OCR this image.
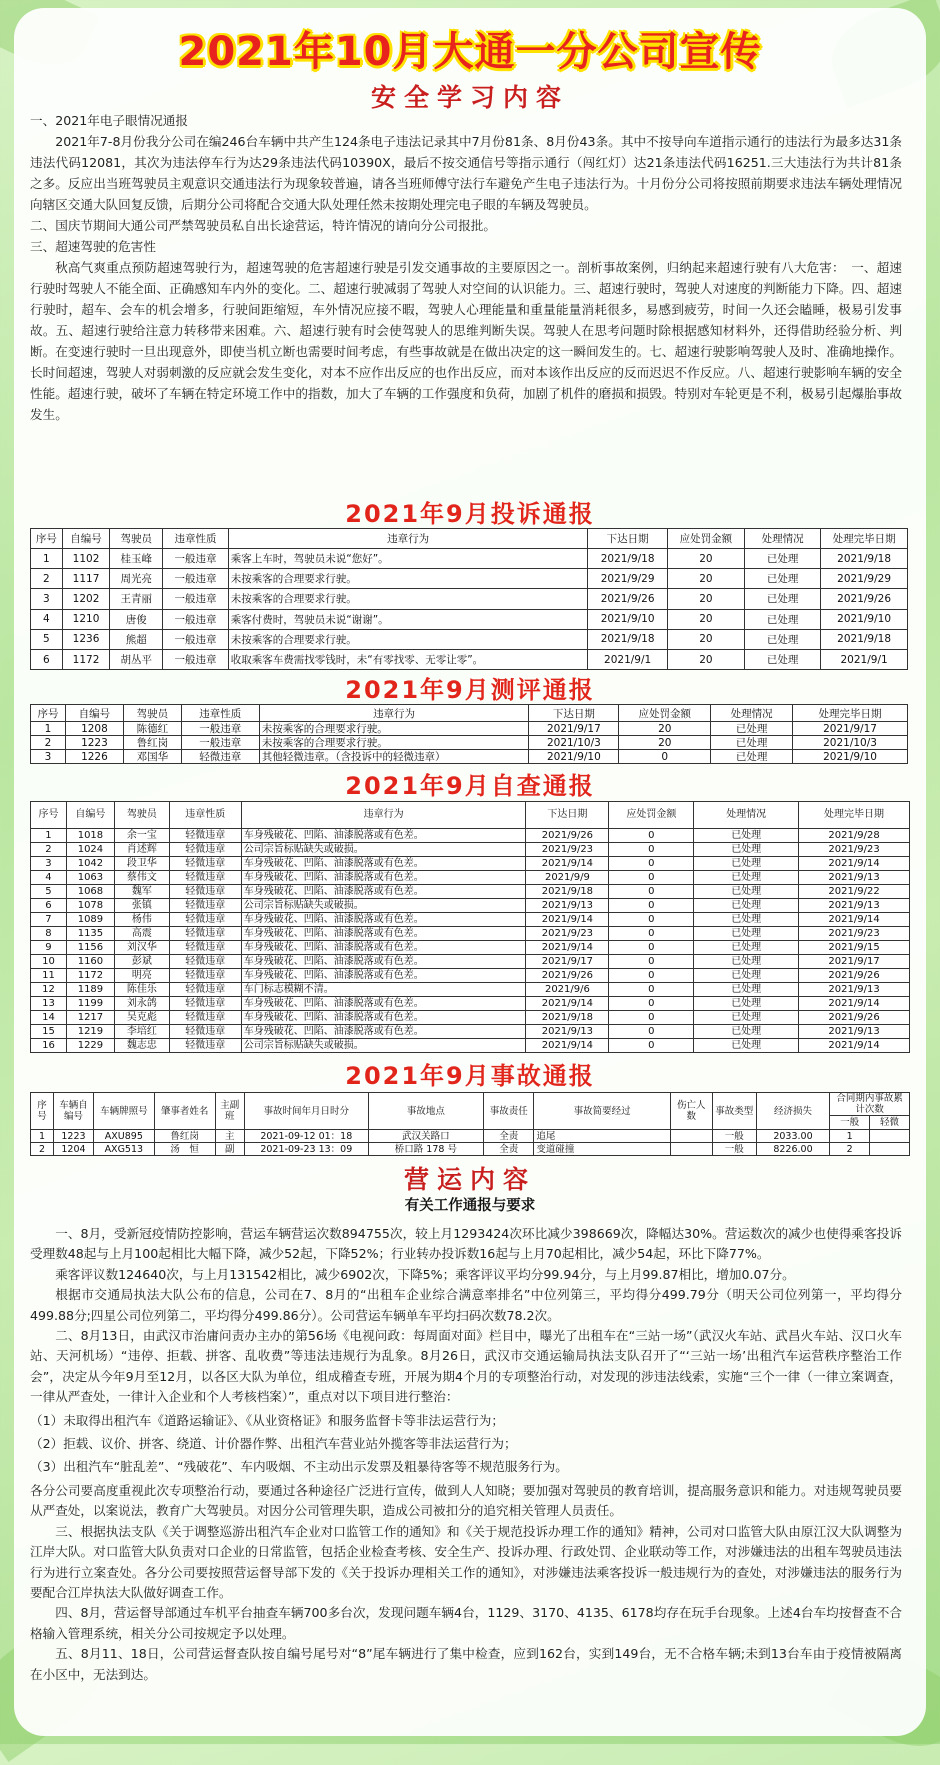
2021年10月大通一分公司宣传
安全学习内容

一、2021年电子眼情况通报

2021年7-8月份我分公司在编246台车辆中共产生124条电子违法记录其中7月份81条、8月份43条。其中不按导向车道指示通行的违法行为最多达31条违法代码12081，其次为违法停车行为达29条违法代码10390X，最后不按交通信号等指示通行（闯红灯）达21条违法代码16251.三大违法行为共计81条之多。反应出当班驾驶员主观意识交通违法行为现象较普遍，请各当班师傅守法行车避免产生电子违法行为。十月份分公司将按照前期要求违法车辆处理情况向辖区交通大队回复反馈，后期分公司将配合交通大队处理任然未按期处理完电子眼的车辆及驾驶员。

二、国庆节期间大通公司严禁驾驶员私自出长途营运，特许情况的请向分公司报批。

三、超速驾驶的危害性

秋高气爽重点预防超速驾驶行为，超速驾驶的危害超速行驶是引发交通事故的主要原因之一。剖析事故案例，归纳起来超速行驶有八大危害：　一、超速行驶时驾驶人不能全面、正确感知车内外的变化。二、超速行驶减弱了驾驶人对空间的认识能力。三、超速行驶时，驾驶人对速度的判断能力下降。四、超速行驶时，超车、会车的机会增多，行驶间距缩短，车外情况应接不暇，驾驶人心理能量和重量能量消耗很多，易感到疲劳，时间一久还会瞌睡，极易引发事故。五、超速行驶给注意力转移带来困难。六、超速行驶有时会使驾驶人的思维判断失误。驾驶人在思考问题时除根据感知材料外，还得借助经验分析、判断。在变速行驶时一旦出现意外，即使当机立断也需要时间考虑，有些事故就是在做出决定的这一瞬间发生的。七、超速行驶影响驾驶人及时、准确地操作。长时间超速，驾驶人对弱刺激的反应就会发生变化，对本不应作出反应的也作出反应，而对本该作出反应的反而迟迟不作反应。八、超速行驶影响车辆的安全性能。超速行驶，破坏了车辆在特定环境工作中的指数，加大了车辆的工作强度和负荷，加剧了机件的磨损和损毁。特别对车轮更是不利，极易引起爆胎事故发生。

2021年9月投诉通报
序号	自编号	驾驶员	违章性质	违章行为	下达日期	应处罚金额	处理情况	处理完毕日期
1	1102	桂玉峰	一般违章	乘客上车时，驾驶员未说“您好”。	2021/9/18	20	已处理	2021/9/18
2	1117	周光亮	一般违章	未按乘客的合理要求行驶。	2021/9/29	20	已处理	2021/9/29
3	1202	王青丽	一般违章	未按乘客的合理要求行驶。	2021/9/26	20	已处理	2021/9/26
4	1210	唐俊	一般违章	乘客付费时，驾驶员未说“谢谢”。	2021/9/10	20	已处理	2021/9/10
5	1236	熊超	一般违章	未按乘客的合理要求行驶。	2021/9/18	20	已处理	2021/9/18
6	1172	胡丛平	一般违章	收取乘客车费需找零钱时，未“有零找零、无零让零”。	2021/9/1	20	已处理	2021/9/1
2021年9月测评通报
序号	自编号	驾驶员	违章性质	违章行为	下达日期	应处罚金额	处理情况	处理完毕日期
1	1208	陈德红	一般违章	未按乘客的合理要求行驶。	2021/9/17	20	已处理	2021/9/17
2	1223	鲁红岗	一般违章	未按乘客的合理要求行驶。	2021/10/3	20	已处理	2021/10/3
3	1226	邓国华	轻微违章	其他轻微违章。（含投诉中的轻微违章）	2021/9/10	0	已处理	2021/9/10
2021年9月自查通报
序号	自编号	驾驶员	违章性质	违章行为	下达日期	应处罚金额	处理情况	处理完毕日期
1	1018	余一宝	轻微违章	车身残破花、凹陷、油漆脱落或有色差。	2021/9/26	0	已处理	2021/9/28
2	1024	肖述辉	轻微违章	公司宗旨标贴缺失或破损。	2021/9/23	0	已处理	2021/9/23
3	1042	段卫华	轻微违章	车身残破花、凹陷、油漆脱落或有色差。	2021/9/14	0	已处理	2021/9/14
4	1063	蔡伟文	轻微违章	车身残破花、凹陷、油漆脱落或有色差。	2021/9/9	0	已处理	2021/9/13
5	1068	魏军	轻微违章	车身残破花、凹陷、油漆脱落或有色差。	2021/9/18	0	已处理	2021/9/22
6	1078	张镇	轻微违章	公司宗旨标贴缺失或破损。	2021/9/13	0	已处理	2021/9/13
7	1089	杨伟	轻微违章	车身残破花、凹陷、油漆脱落或有色差。	2021/9/14	0	已处理	2021/9/14
8	1135	高震	轻微违章	车身残破花、凹陷、油漆脱落或有色差。	2021/9/23	0	已处理	2021/9/23
9	1156	刘汉华	轻微违章	车身残破花、凹陷、油漆脱落或有色差。	2021/9/14	0	已处理	2021/9/15
10	1160	彭斌	轻微违章	车身残破花、凹陷、油漆脱落或有色差。	2021/9/17	0	已处理	2021/9/17
11	1172	明亮	轻微违章	车身残破花、凹陷、油漆脱落或有色差。	2021/9/26	0	已处理	2021/9/26
12	1189	陈佳乐	轻微违章	车门标志模糊不清。	2021/9/6	0	已处理	2021/9/13
13	1199	刘永鸽	轻微违章	车身残破花、凹陷、油漆脱落或有色差。	2021/9/14	0	已处理	2021/9/14
14	1217	吴克彪	轻微违章	车身残破花、凹陷、油漆脱落或有色差。	2021/9/18	0	已处理	2021/9/26
15	1219	李培红	轻微违章	车身残破花、凹陷、油漆脱落或有色差。	2021/9/13	0	已处理	2021/9/13
16	1229	魏志忠	轻微违章	公司宗旨标贴缺失或破损。	2021/9/14	0	已处理	2021/9/14
2021年9月事故通报
序号	车辆自编号	车辆牌照号	肇事者姓名	主副班	事故时间年月日时分	事故地点	事故责任	事故简要经过	伤亡人数	事故类型	经济损失	合同期内事故累计次数	
												一般	轻微
1	1223	AXU895	鲁红岗	主	2021-09-12 01：18	武汉关路口	全责	追尾		一般	2033.00	1	
2	1204	AXG513	汤　恒	副	2021-09-23 13：09	桥口路 178 号	全责	变道碰撞		一般	8226.00	2	
营运内容
有关工作通报与要求

一、8月，受新冠疫情防控影响，营运车辆营运次数894755次，较上月1293424次环比减少398669次，降幅达30%。营运数次的减少也使得乘客投诉受理数48起与上月100起相比大幅下降，减少52起，下降52%；行业转办投诉数16起与上月70起相比，减少54起，环比下降77%。

乘客评议数124640次，与上月131542相比，减少6902次，下降5%；乘客评议平均分99.94分，与上月99.87相比，增加0.07分。

根据市交通局执法大队公布的信息，公司在7、8月的“出租车企业综合满意率排名”中位列第三，平均得分499.79分（明天公司位列第一，平均得分499.88分;四星公司位列第二，平均得分499.86分）。公司营运车辆单车平均扫码次数78.2次。

二、8月13日，由武汉市治庸问责办主办的第56场《电视问政：每周面对面》栏目中，曝光了出租车在“三站一场”（武汉火车站、武昌火车站、汉口火车站、天河机场）“违停、拒载、拼客、乱收费”等违法违规行为乱象。8月26日，武汉市交通运输局执法支队召开了“‘三站一场’出租汽车运营秩序整治工作会”，决定从今年9月至12月，以各区大队为单位，组成稽查专班，开展为期4个月的专项整治行动，对发现的涉违法线索，实施“三个一律（一律立案调查，一律从严查处，一律计入企业和个人考核档案）”，重点对以下项目进行整治：

（1）未取得出租汽车《道路运输证》、《从业资格证》和服务监督卡等非法运营行为；

（2）拒载、议价、拼客、绕道、计价器作弊、出租汽车营业站外揽客等非法运营行为；

（3）出租汽车“脏乱差”、“残破花”、车内吸烟、不主动出示发票及粗暴待客等不规范服务行为。

各分公司要高度重视此次专项整治行动，要通过各种途径广泛进行宣传，做到人人知晓；要加强对驾驶员的教育培训，提高服务意识和能力。对违规驾驶员要从严查处，以案说法，教育广大驾驶员。对因分公司管理失职，造成公司被扣分的追究相关管理人员责任。

三、根据执法支队《关于调整巡游出租汽车企业对口监管工作的通知》和《关于规范投诉办理工作的通知》精神，公司对口监管大队由原江汉大队调整为江岸大队。对口监管大队负责对口企业的日常监管，包括企业检查考核、安全生产、投诉办理、行政处罚、企业联动等工作，对涉嫌违法的出租车驾驶员违法行为进行立案查处。各分公司要按照营运督导部下发的《关于投诉办理相关工作的通知》，对涉嫌违法乘客投诉一般违规行为的查处，对涉嫌违法的服务行为要配合江岸执法大队做好调查工作。

四、8月，营运督导部通过车机平台抽查车辆700多台次，发现问题车辆4台，1129、3170、4135、6178均存在玩手台现象。上述4台车均按督查不合格输入管理系统，相关分公司按规定予以处理。

五、8月11、18日，公司营运督查队按自编号尾号对“8”尾车辆进行了集中检查，应到162台，实到149台，无不合格车辆;未到13台车由于疫情被隔离在小区中，无法到达。
